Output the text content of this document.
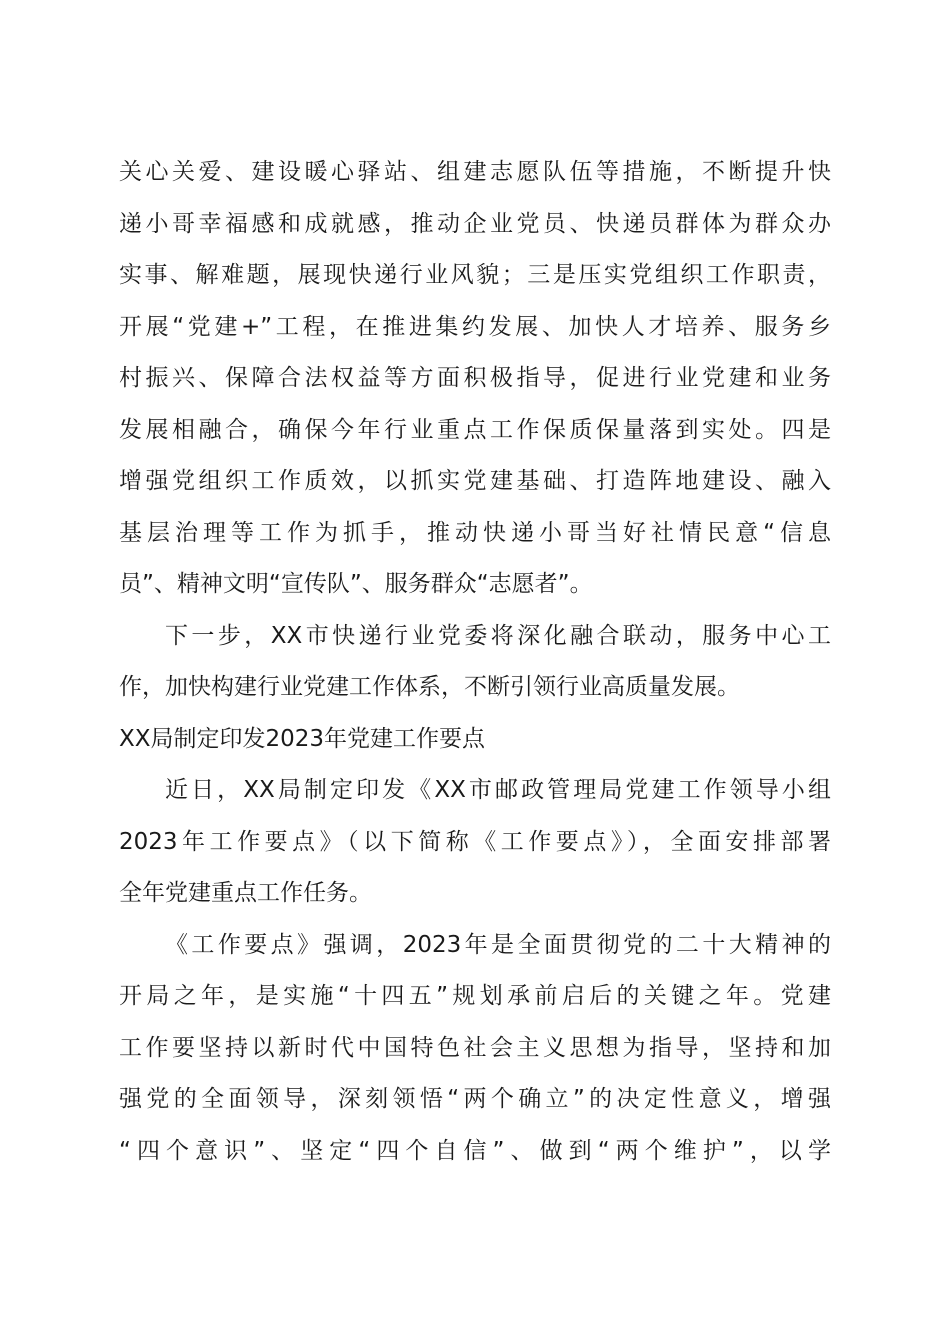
关心关爱、建设暖心驿站、组建志愿队伍等措施，不断提升快
递小哥幸福感和成就感，推动企业党员、快递员群体为群众办
实事、解难题，展现快递行业风貌；三是压实党组织工作职责，
开展“党建+”工程，在推进集约发展、加快人才培养、服务乡
村振兴、保障合法权益等方面积极指导，促进行业党建和业务
发展相融合，确保今年行业重点工作保质保量落到实处。四是
增强党组织工作质效，以抓实党建基础、打造阵地建设、融入
基层治理等工作为抓手，推动快递小哥当好社情民意“信息
员”、精神文明“宣传队”、服务群众“志愿者”。
下一步，XX市快递行业党委将深化融合联动，服务中心工
作，加快构建行业党建工作体系，不断引领行业高质量发展。
XX局制定印发2023年党建工作要点
近日，XX局制定印发《XX市邮政管理局党建工作领导小组
2023年工作要点》（以下简称《工作要点》），全面安排部署
全年党建重点工作任务。
《工作要点》强调，2023年是全面贯彻党的二十大精神的
开局之年，是实施“十四五”规划承前启后的关键之年。党建
工作要坚持以新时代中国特色社会主义思想为指导，坚持和加
强党的全面领导，深刻领悟“两个确立”的决定性意义，增强
“四个意识”、坚定“四个自信”、做到“两个维护”，以学
